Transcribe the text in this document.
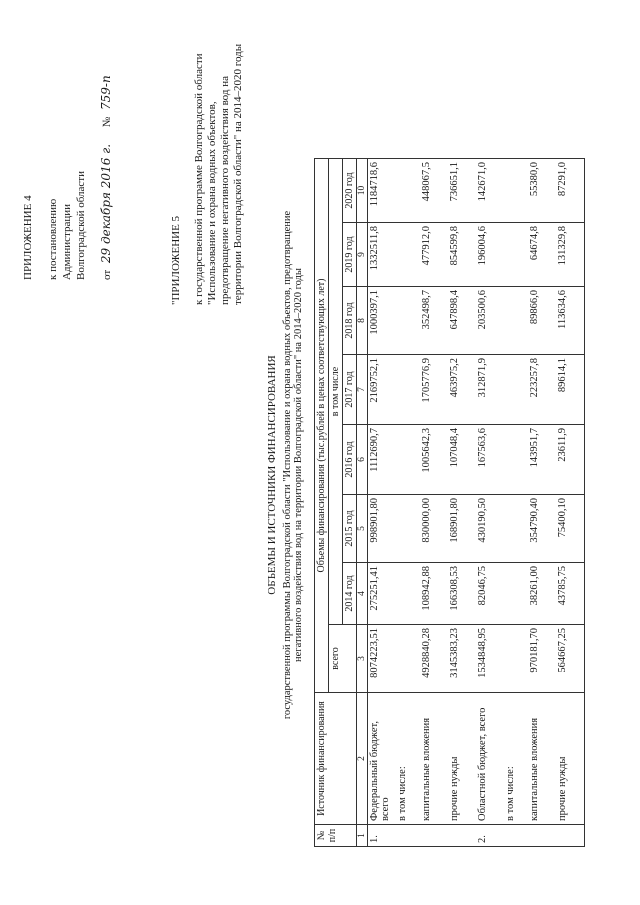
ПРИЛОЖЕНИЕ 4 к постановлению Администрации Волгоградской области от 29 декабря 2016 г. № 759-п
"ПРИЛОЖЕНИЕ 5 к государственной программе Волгоградской области "Использование и охрана водных объектов, предотвращение негативного воздействия вод на территории Волгоградской области" на 2014–2020 годы
ОБЪЕМЫ И ИСТОЧНИКИ ФИНАНСИРОВАНИЯ государственной программы Волгоградской области "Использование и охрана водных объектов, предотвращение негативного воздействия вод на территории Волгоградской области" на 2014–2020 годы
№ п/п	Источник финансирования	Объемы финансирования (тыс.рублей в ценах соответствующих лет)							
		всего	в том числе						
			2014 год	2015 год	2016 год	2017 год	2018 год	2019 год	2020 год
1	2	3	4	5	6	7	8	9	10
1.	Федеральный бюджет, всего	8074223,51	275251,41	998901,80	1112690,7	2169752,1	1000397,1	1332511,8	1184718,6
	в том числе:								
	капитальные вложения	4928840,28	108942,88	830000,00	1005642,3	1705776,9	352498,7	477912,0	448067,5
	прочие нужды	3145383,23	166308,53	168901,80	107048,4	463975,2	647898,4	854599,8	736651,1
2.	Областной бюджет, всего	1534848,95	82046,75	430190,50	167563,6	312871,9	203500,6	196004,6	142671,0
	в том числе:								
	капитальные вложения	970181,70	38261,00	354790,40	143951,7	223257,8	89866,0	64674,8	55380,0
	прочие нужды	564667,25	43785,75	75400,10	23611,9	89614,1	113634,6	131329,8	87291,0
